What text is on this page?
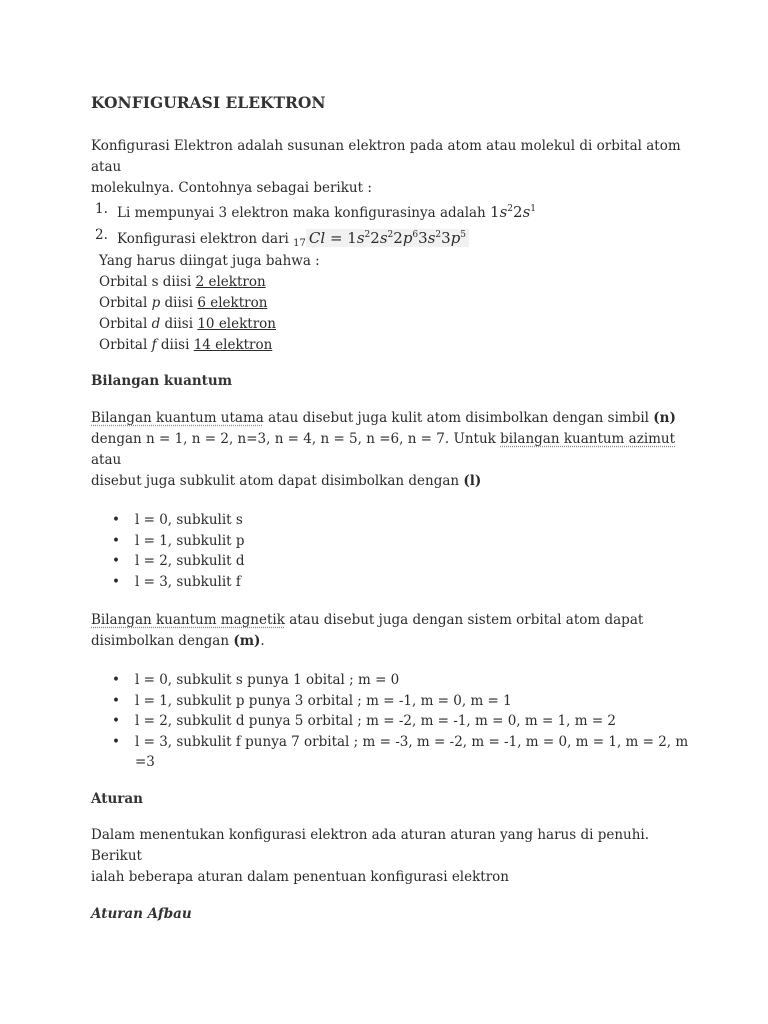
KONFIGURASI ELEKTRON

Konfigurasi Elektron adalah susunan elektron pada atom atau molekul di orbital atom atau
molekulnya. Contohnya sebagai berikut :

1. Li mempunyai 3 elektron maka konfigurasinya adalah $1s^22s^1$
2. Konfigurasi elektron dari $_{17}$ $Cl = 1s^22s^22p^63s^23p^5$
Yang harus diingat juga bahwa :
Orbital s diisi 2 elektron
Orbital p diisi 6 elektron
Orbital d diisi 10 elektron
Orbital f diisi 14 elektron
Bilangan kuantum

Bilangan kuantum utama atau disebut juga kulit atom disimbolkan dengan simbil (n)
dengan n = 1, n = 2, n=3, n = 4, n = 5, n =6, n = 7. Untuk bilangan kuantum azimut atau
disebut juga subkulit atom dapat disimbolkan dengan (l)

• l = 0, subkulit s
• l = 1, subkulit p
• l = 2, subkulit d
• l = 3, subkulit f

Bilangan kuantum magnetik atau disebut juga dengan sistem orbital atom dapat
disimbolkan dengan (m).

• l = 0, subkulit s punya 1 obital ; m = 0
• l = 1, subkulit p punya 3 orbital ; m = -1, m = 0, m = 1
• l = 2, subkulit d punya 5 orbital ; m = -2, m = -1, m = 0, m = 1, m = 2
• l = 3, subkulit f punya 7 orbital ; m = -3, m = -2, m = -1, m = 0, m = 1, m = 2, m =3
Aturan

Dalam menentukan konfigurasi elektron ada aturan aturan yang harus di penuhi. Berikut
ialah beberapa aturan dalam penentuan konfigurasi elektron

Aturan Afbau
